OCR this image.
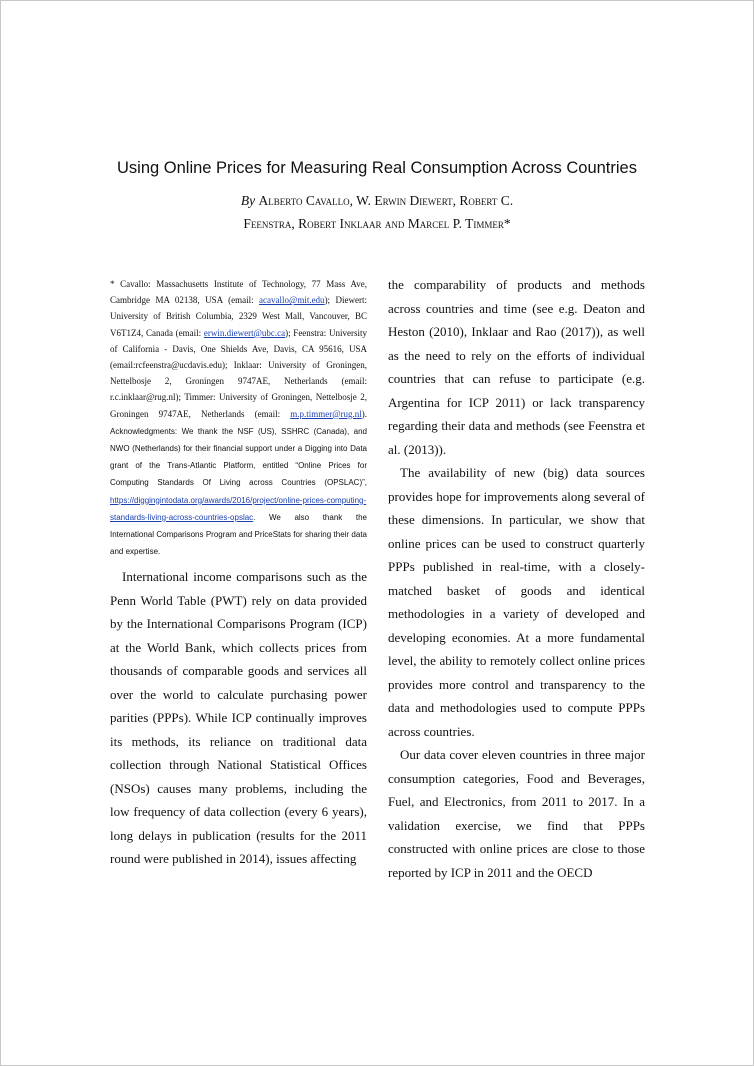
Using Online Prices for Measuring Real Consumption Across Countries
By Alberto Cavallo, W. Erwin Diewert, Robert C.
Feenstra, Robert Inklaar and Marcel P. Timmer*
* Cavallo: Massachusetts Institute of Technology, 77 Mass Ave, Cambridge MA 02138, USA (email: acavallo@mit.edu); Diewert: University of British Columbia, 2329 West Mall, Vancouver, BC V6T1Z4, Canada (email: erwin.diewert@ubc.ca); Feenstra: University of California - Davis, One Shields Ave, Davis, CA 95616, USA (email:rcfeenstra@ucdavis.edu); Inklaar: University of Groningen, Nettelbosje 2, Groningen 9747AE, Netherlands (email: r.c.inklaar@rug.nl); Timmer: University of Groningen, Nettelbosje 2, Groningen 9747AE, Netherlands (email: m.p.timmer@rug.nl). Acknowledgments: We thank the NSF (US), SSHRC (Canada), and NWO (Netherlands) for their financial support under a Digging into Data grant of the Trans-Atlantic Platform, entitled “Online Prices for Computing Standards Of Living across Countries (OPSLAC)”, https://diggingintodata.org/awards/2016/project/online-prices-computing-standards-living-across-countries-opslac. We also thank the International Comparisons Program and PriceStats for sharing their data and expertise.

International income comparisons such as the Penn World Table (PWT) rely on data provided by the International Comparisons Program (ICP) at the World Bank, which collects prices from thousands of comparable goods and services all over the world to calculate purchasing power parities (PPPs). While ICP continually improves its methods, its reliance on traditional data collection through National Statistical Offices (NSOs) causes many problems, including the low frequency of data collection (every 6 years), long delays in publication (results for the 2011 round were published in 2014), issues affecting

the comparability of products and methods across countries and time (see e.g. Deaton and Heston (2010), Inklaar and Rao (2017)), as well as the need to rely on the efforts of individual countries that can refuse to participate (e.g. Argentina for ICP 2011) or lack transparency regarding their data and methods (see Feenstra et al. (2013)).

The availability of new (big) data sources provides hope for improvements along several of these dimensions. In particular, we show that online prices can be used to construct quarterly PPPs published in real-time, with a closely-matched basket of goods and identical methodologies in a variety of developed and developing economies. At a more fundamental level, the ability to remotely collect online prices provides more control and transparency to the data and methodologies used to compute PPPs across countries.

Our data cover eleven countries in three major consumption categories, Food and Beverages, Fuel, and Electronics, from 2011 to 2017. In a validation exercise, we find that PPPs constructed with online prices are close to those reported by ICP in 2011 and the OECD
